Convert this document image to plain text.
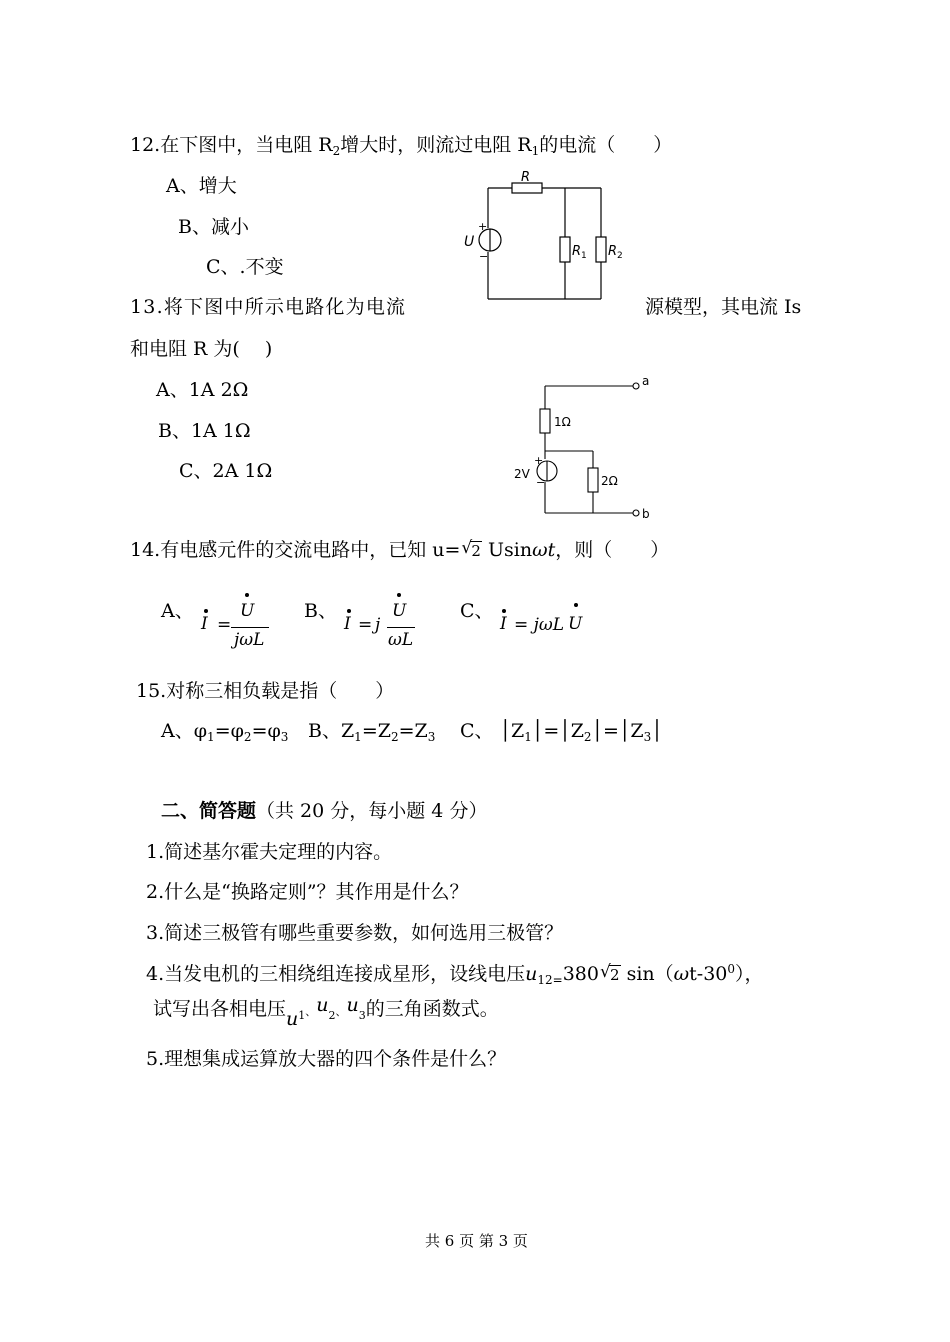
12.在下图中，当电阻 $R_2$增大时，则流过电阻 $R_1$的电流（　　）
A、增大
B、减小
C、.不变
R
U
+
−	R 1 R 2
13.将下图中所示电路化为电流	源模型，其电流 Is
和电阻 R 为(　 )
A、1A 2Ω
B、1A 1Ω
C、2A 1Ω
a
b
1Ω
2Ω
2V
+
−
14.有电感元件的交流电路中，已知 u= √ 2 Usinωt，则（　　）
A、
I =
U
jωL
B、
I = j
U
ωL
C、
I = jωL U
15.对称三相负载是指（　　）
A、$\varphi_1=\varphi_2=\varphi_3$ B、$Z_1=Z_2=Z_3$ C、 $│Z_1│=│Z_2│=│Z_3│$
二、简答题（共 20 分，每小题 4 分）
1.简述基尔霍夫定理的内容。
2.什么是“换路定则”？其作用是什么？
3.简述三极管有哪些重要参数，如何选用三极管？
4.当发电机的三相绕组连接成星形，设线电压$u_{12=}380$ √ 2 $\sin(\omega t-30^0)$，
试写出各相电压$u_1$、$u_2$、$u_3$的三角函数式。
5.理想集成运算放大器的四个条件是什么？
共 6 页 第 3 页
